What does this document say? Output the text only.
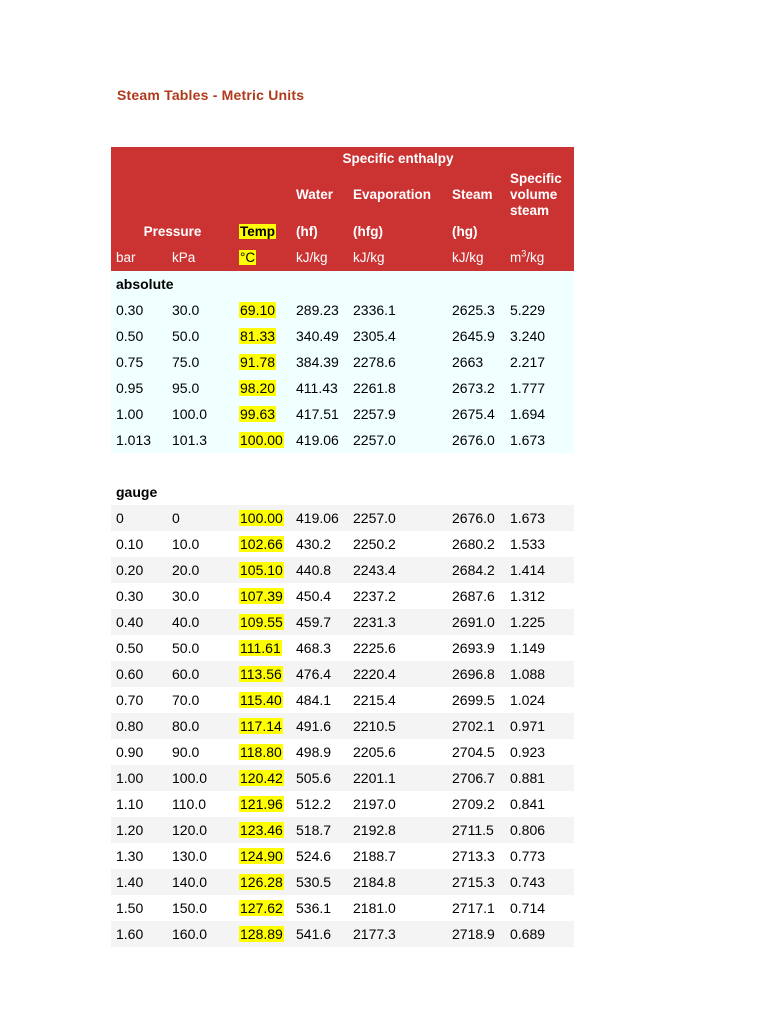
Steam Tables - Metric Units
			Specific enthalpy			
			Water	Evaporation	Steam	Specific volume steam

Pressure		Temp	(hf)	(hfg)	(hg)	
bar	kPa	°C	kJ/kg	kJ/kg	kJ/kg	$m^3/kg$
absolute						
0.30	30.0	69.10	289.23	2336.1	2625.3	5.229
0.50	50.0	81.33	340.49	2305.4	2645.9	3.240
0.75	75.0	91.78	384.39	2278.6	2663	2.217
0.95	95.0	98.20	411.43	2261.8	2673.2	1.777
1.00	100.0	99.63	417.51	2257.9	2675.4	1.694
1.013	101.3	100.00	419.06	2257.0	2676.0	1.673

gauge						
0	0	100.00	419.06	2257.0	2676.0	1.673
0.10	10.0	102.66	430.2	2250.2	2680.2	1.533
0.20	20.0	105.10	440.8	2243.4	2684.2	1.414
0.30	30.0	107.39	450.4	2237.2	2687.6	1.312
0.40	40.0	109.55	459.7	2231.3	2691.0	1.225
0.50	50.0	111.61	468.3	2225.6	2693.9	1.149
0.60	60.0	113.56	476.4	2220.4	2696.8	1.088
0.70	70.0	115.40	484.1	2215.4	2699.5	1.024
0.80	80.0	117.14	491.6	2210.5	2702.1	0.971
0.90	90.0	118.80	498.9	2205.6	2704.5	0.923
1.00	100.0	120.42	505.6	2201.1	2706.7	0.881
1.10	110.0	121.96	512.2	2197.0	2709.2	0.841
1.20	120.0	123.46	518.7	2192.8	2711.5	0.806
1.30	130.0	124.90	524.6	2188.7	2713.3	0.773
1.40	140.0	126.28	530.5	2184.8	2715.3	0.743
1.50	150.0	127.62	536.1	2181.0	2717.1	0.714
1.60	160.0	128.89	541.6	2177.3	2718.9	0.689
